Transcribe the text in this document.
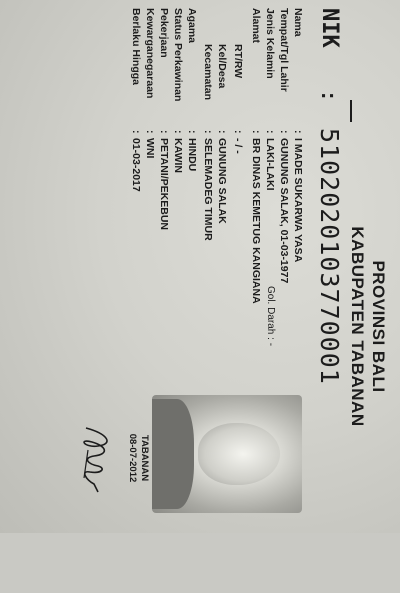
PROVINSI BALI
KABUPATEN TABANAN
NIK
:
5102020103770001
Nama
:
I MADE SUKARWA YASA
Tempat/Tgl Lahir
:
GUNUNG SALAK, 01-03-1977
Jenis Kelamin
:
LAKI-LAKI
Gol. Darah : -
Alamat
:
BR DINAS KEMETUG KANGIANA
RT/RW
:
- / -
Kel/Desa
:
GUNUNG SALAK
Kecamatan
:
SELEMADEG TIMUR
Agama
:
HINDU
Status Perkawinan
:
KAWIN
Pekerjaan
:
PETANI/PEKEBUN
Kewarganegaraan
:
WNI
Berlaku Hingga
:
01-03-2017
TABANAN
08-07-2012
